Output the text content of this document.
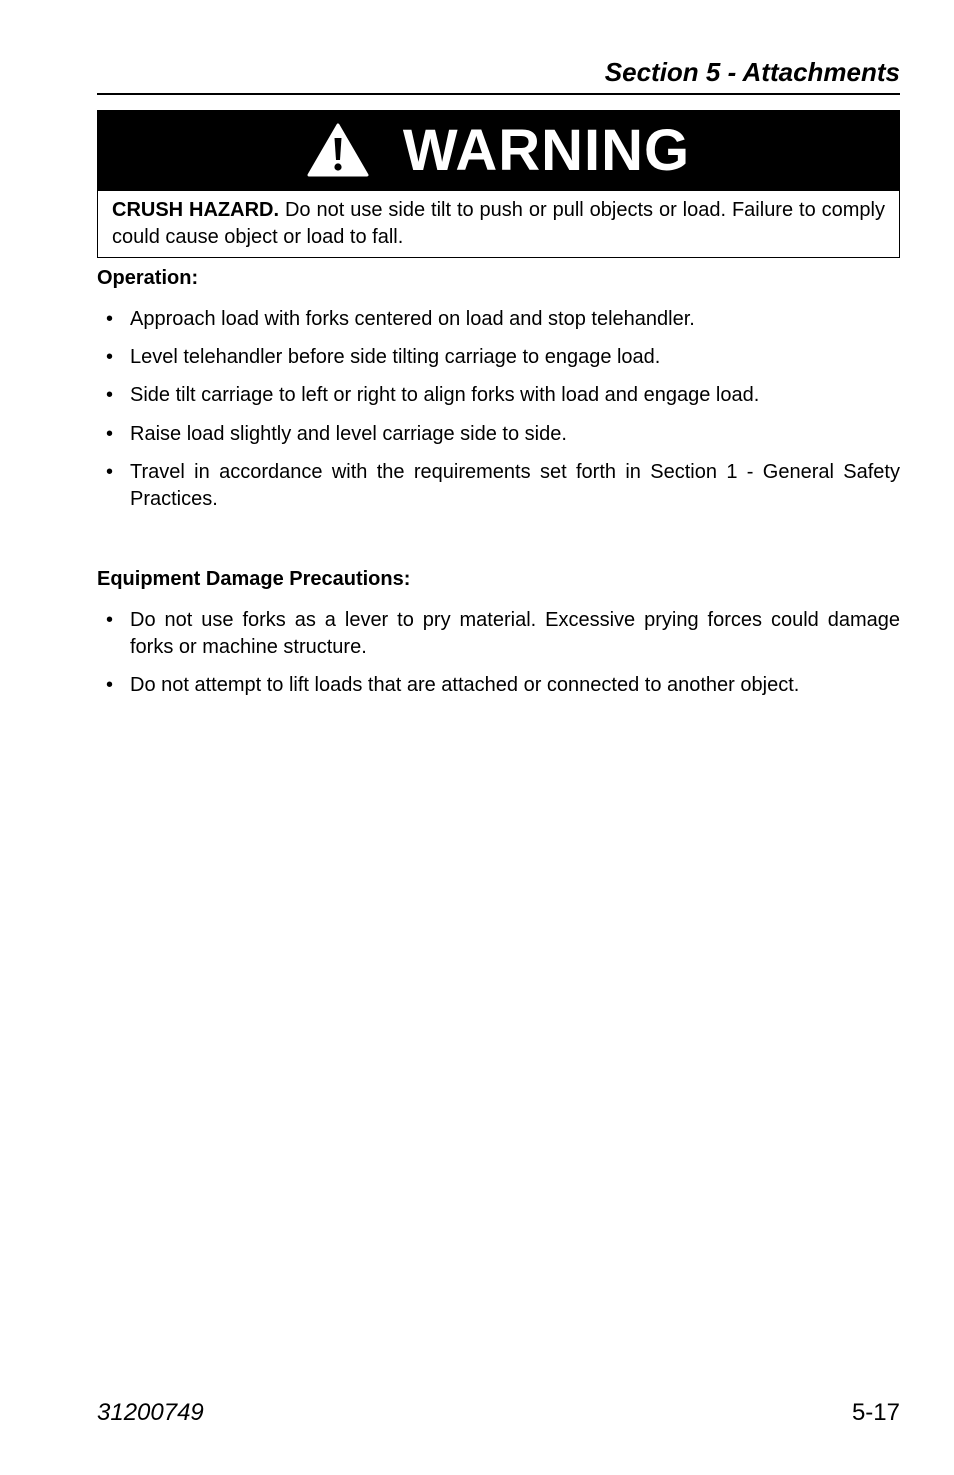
Section 5 - Attachments
WARNING
CRUSH HAZARD. Do not use side tilt to push or pull objects or load. Failure to comply could cause object or load to fall.
Operation:
• Approach load with forks centered on load and stop telehandler.
• Level telehandler before side tilting carriage to engage load.
• Side tilt carriage to left or right to align forks with load and engage load.
• Raise load slightly and level carriage side to side.
• Travel in accordance with the requirements set forth in Section 1 - General Safety Practices.
Equipment Damage Precautions:
• Do not use forks as a lever to pry material. Excessive prying forces could damage forks or machine structure.
• Do not attempt to lift loads that are attached or connected to another object.
31200749	5-17
